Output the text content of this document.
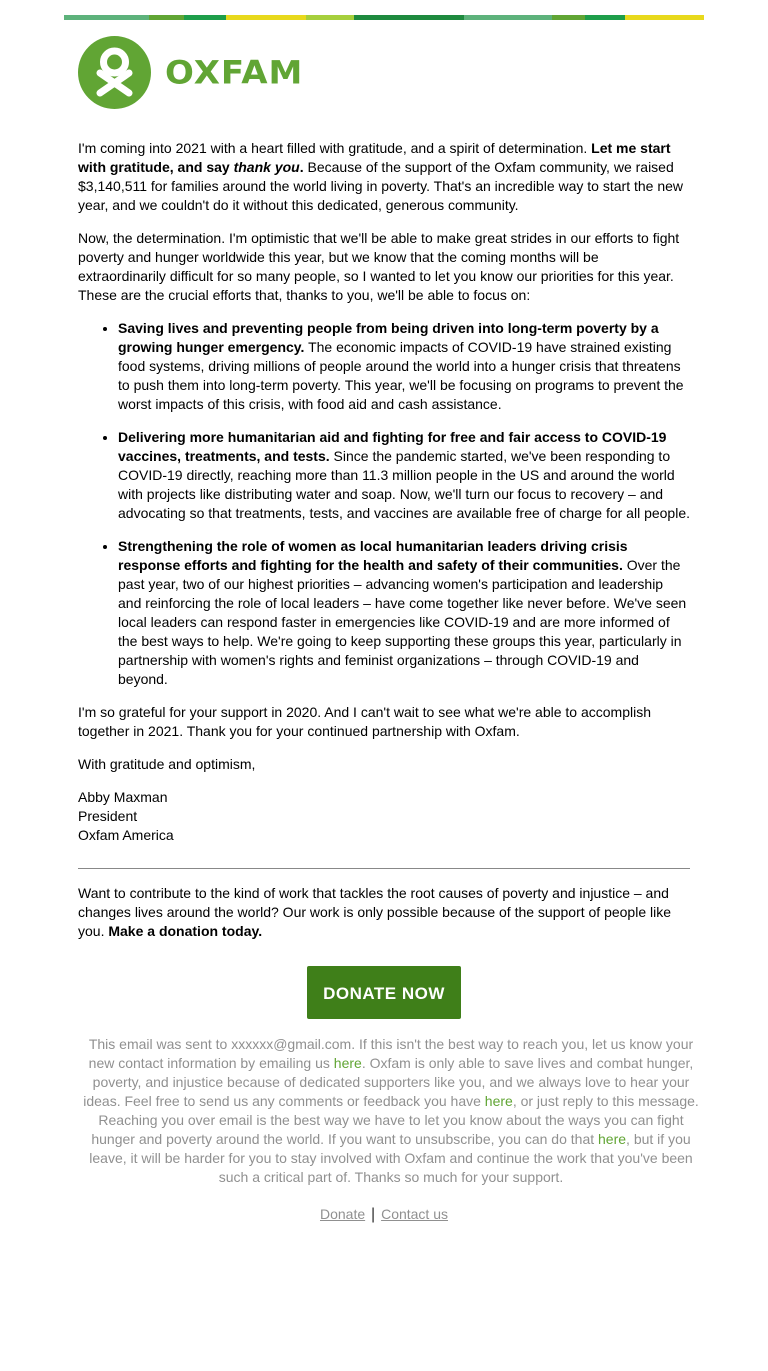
OXFAM

I'm coming into 2021 with a heart filled with gratitude, and a spirit of determination. Let me start with gratitude, and say thank you. Because of the support of the Oxfam community, we raised $3,140,511 for families around the world living in poverty. That's an incredible way to start the new year, and we couldn't do it without this dedicated, generous community.

Now, the determination. I'm optimistic that we'll be able to make great strides in our efforts to fight poverty and hunger worldwide this year, but we know that the coming months will be extraordinarily difficult for so many people, so I wanted to let you know our priorities for this year. These are the crucial efforts that, thanks to you, we'll be able to focus on:

• Saving lives and preventing people from being driven into long-term poverty by a growing hunger emergency. The economic impacts of COVID-19 have strained existing food systems, driving millions of people around the world into a hunger crisis that threatens to push them into long-term poverty. This year, we'll be focusing on programs to prevent the worst impacts of this crisis, with food aid and cash assistance.
• Delivering more humanitarian aid and fighting for free and fair access to COVID-19 vaccines, treatments, and tests. Since the pandemic started, we've been responding to COVID-19 directly, reaching more than 11.3 million people in the US and around the world with projects like distributing water and soap. Now, we'll turn our focus to recovery – and advocating so that treatments, tests, and vaccines are available free of charge for all people.
• Strengthening the role of women as local humanitarian leaders driving crisis response efforts and fighting for the health and safety of their communities. Over the past year, two of our highest priorities – advancing women's participation and leadership and reinforcing the role of local leaders – have come together like never before. We've seen local leaders can respond faster in emergencies like COVID-19 and are more informed of the best ways to help. We're going to keep supporting these groups this year, particularly in partnership with women's rights and feminist organizations – through COVID-19 and beyond.

I'm so grateful for your support in 2020. And I can't wait to see what we're able to accomplish together in 2021. Thank you for your continued partnership with Oxfam.

With gratitude and optimism,

Abby Maxman
President
Oxfam America

Want to contribute to the kind of work that tackles the root causes of poverty and injustice – and changes lives around the world? Our work is only possible because of the support of people like you. Make a donation today.

DONATE NOW
This email was sent to xxxxxx@gmail.com. If this isn't the best way to reach you, let us know your new contact information by emailing us here. Oxfam is only able to save lives and combat hunger, poverty, and injustice because of dedicated supporters like you, and we always love to hear your ideas. Feel free to send us any comments or feedback you have here, or just reply to this message. Reaching you over email is the best way we have to let you know about the ways you can fight hunger and poverty around the world. If you want to unsubscribe, you can do that here, but if you leave, it will be harder for you to stay involved with Oxfam and continue the work that you've been such a critical part of. Thanks so much for your support.
Donate | Contact us
